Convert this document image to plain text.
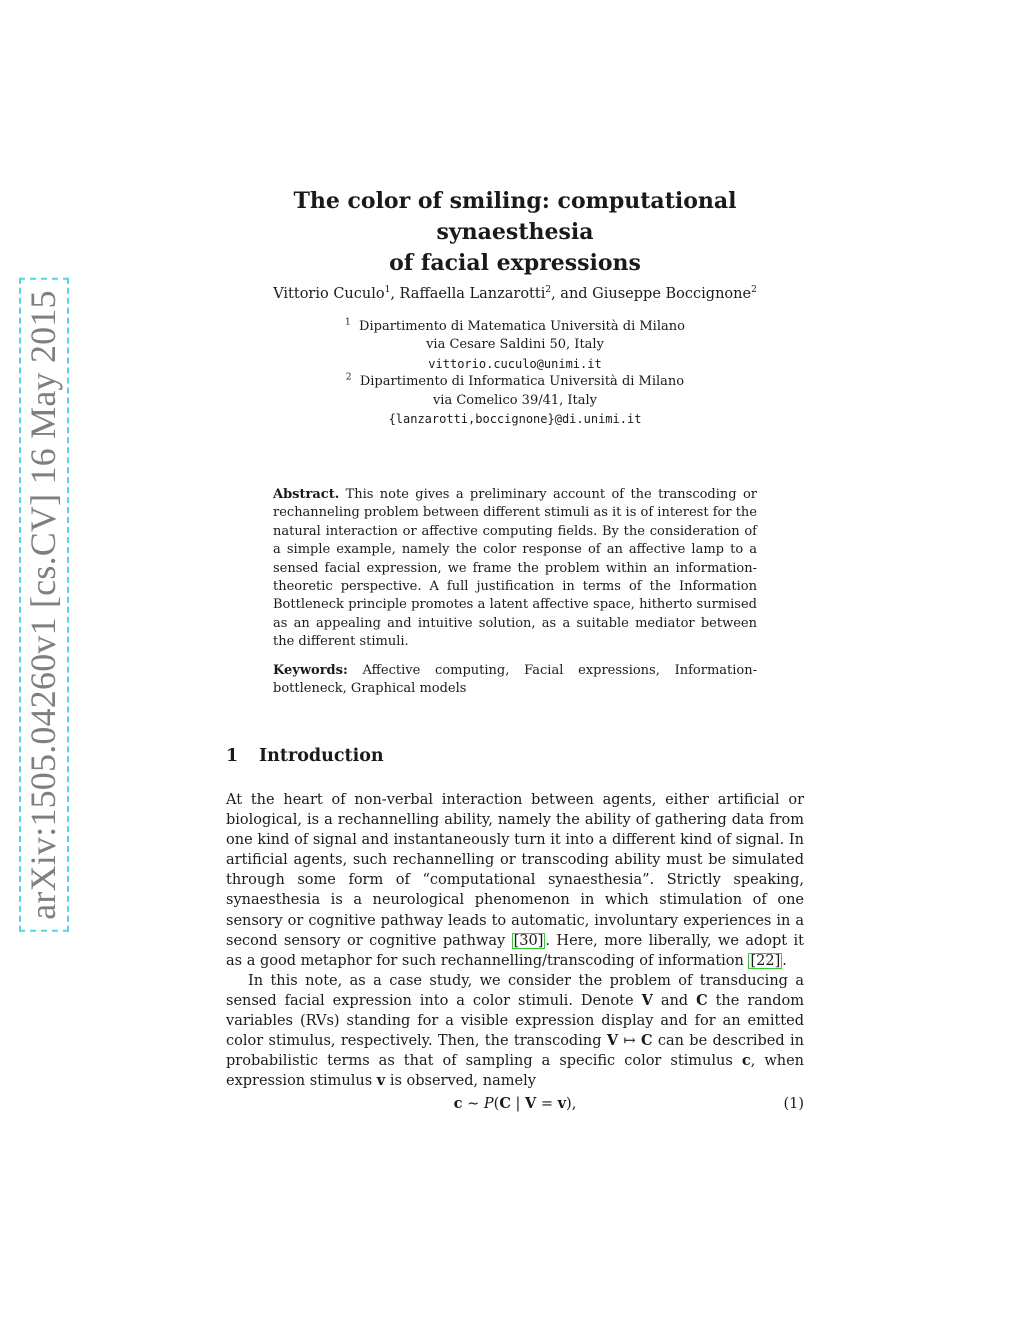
arXiv:1505.04260v1 [cs.CV] 16 May 2015
The color of smiling: computational synaesthesia
of facial expressions
Vittorio Cuculo$^1$, Raffaella Lanzarotti$^2$, and Giuseppe Boccignone$^2$
$^1$ Dipartimento di Matematica Università di Milano
via Cesare Saldini 50, Italy
vittorio.cuculo@unimi.it
$^2$ Dipartimento di Informatica Università di Milano
via Comelico 39/41, Italy
{lanzarotti,boccignone}@di.unimi.it

Abstract. This note gives a preliminary account of the transcoding or rechanneling problem between different stimuli as it is of interest for the natural interaction or affective computing fields. By the consideration of a simple example, namely the color response of an affective lamp to a sensed facial expression, we frame the problem within an information-theoretic perspective. A full justification in terms of the Information Bottleneck principle promotes a latent affective space, hitherto surmised as an appealing and intuitive solution, as a suitable mediator between the different stimuli.

Keywords: Affective computing, Facial expressions, Information-bottleneck, Graphical models

1 Introduction

At the heart of non-verbal interaction between agents, either artificial or biological, is a rechannelling ability, namely the ability of gathering data from one kind of signal and instantaneously turn it into a different kind of signal. In artificial agents, such rechannelling or transcoding ability must be simulated through some form of “computational synaesthesia”. Strictly speaking, synaesthesia is a neurological phenomenon in which stimulation of one sensory or cognitive pathway leads to automatic, involuntary experiences in a second sensory or cognitive pathway [30] . Here, more liberally, we adopt it as a good metaphor for such rechannelling/transcoding of information [22] .

In this note, as a case study, we consider the problem of transducing a sensed facial expression into a color stimuli. Denote V and C the random variables (RVs) standing for a visible expression display and for an emitted color stimulus, respectively. Then, the transcoding V ↦ C can be described in probabilistic terms as that of sampling a specific color stimulus c, when expression stimulus v is observed, namely

c ∼ P(C | V = v),	(1)
